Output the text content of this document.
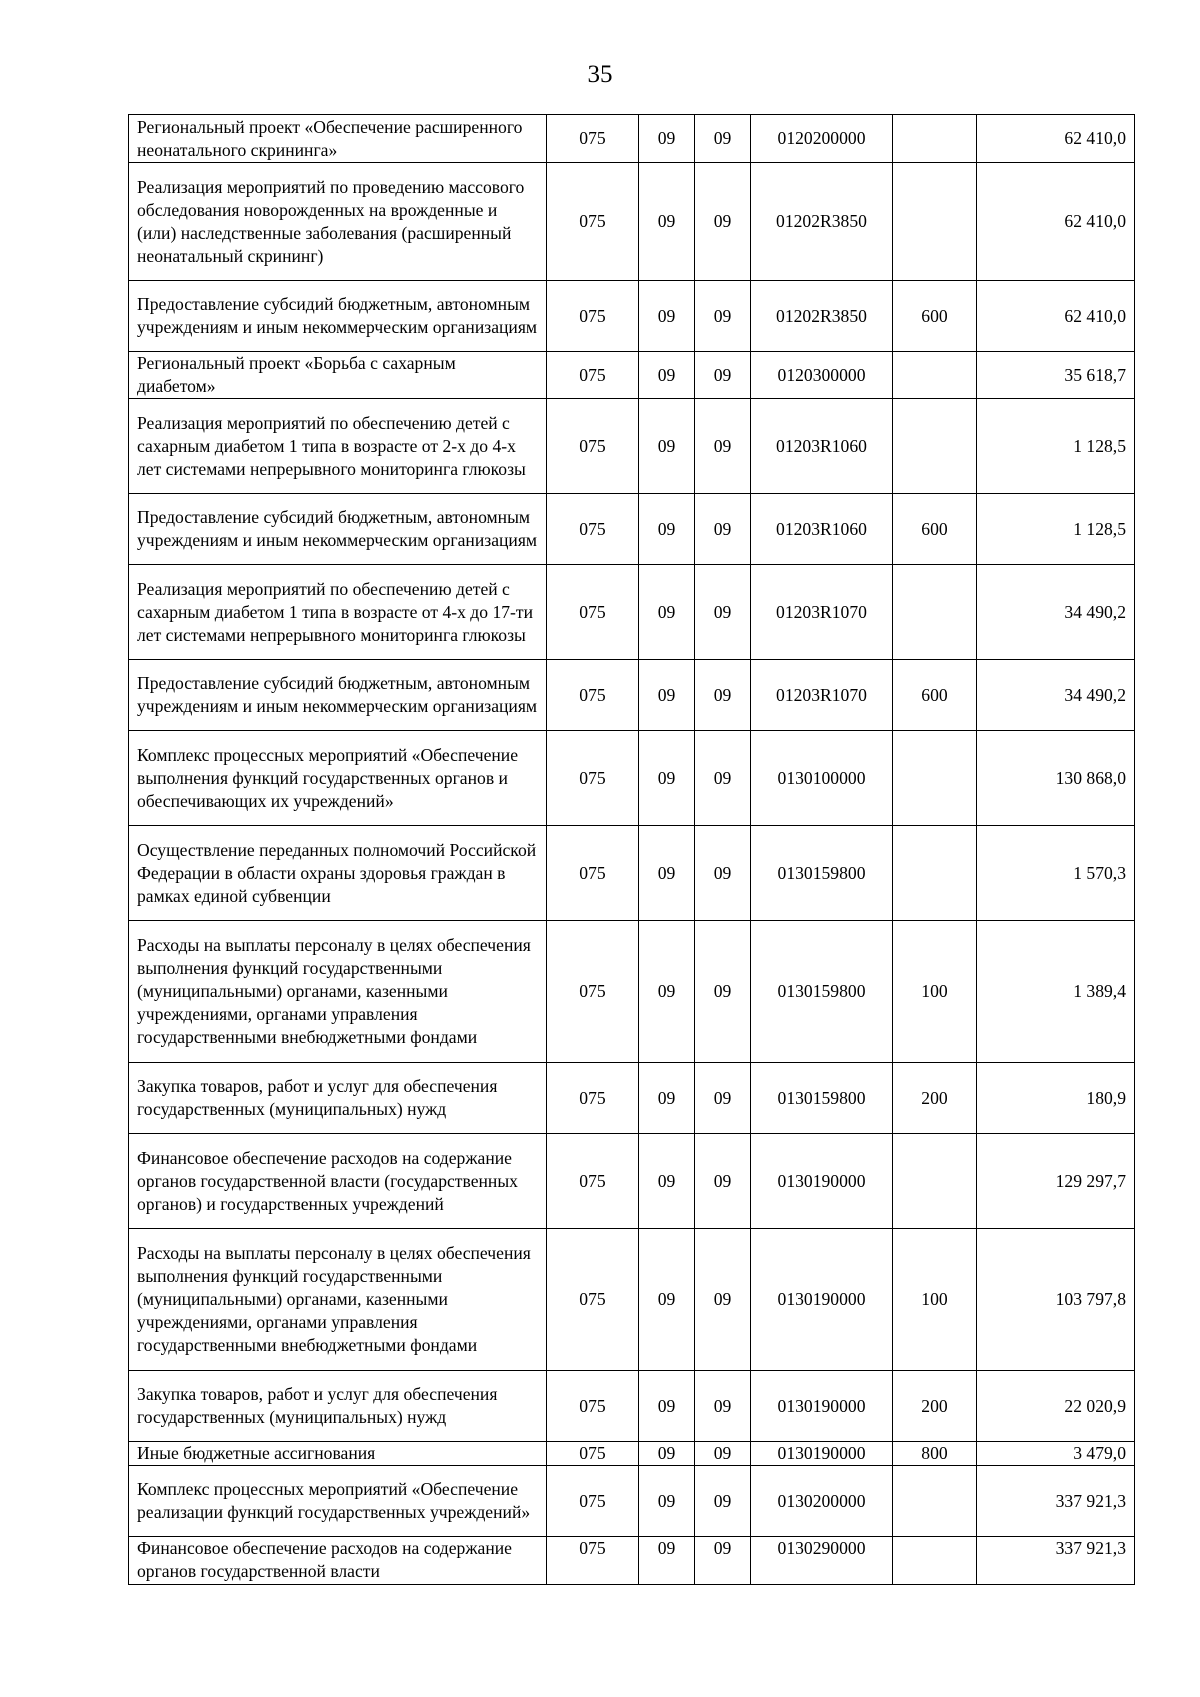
35
Региональный проект «Обеспечение расширенного неонатального скрининга»	075	09	09	0120200000		62 410,0
Реализация мероприятий по проведению массового обследования новорожденных на врожденные и (или) наследственные заболевания (расширенный неонатальный скрининг)	075	09	09	01202R3850		62 410,0
Предоставление субсидий бюджетным, автономным учреждениям и иным некоммерческим организациям	075	09	09	01202R3850	600	62 410,0
Региональный проект «Борьба с сахарным диабетом»	075	09	09	0120300000		35 618,7
Реализация мероприятий по обеспечению детей с сахарным диабетом 1 типа в возрасте от 2-х до 4-х лет системами непрерывного мониторинга глюкозы	075	09	09	01203R1060		1 128,5
Предоставление субсидий бюджетным, автономным учреждениям и иным некоммерческим организациям	075	09	09	01203R1060	600	1 128,5
Реализация мероприятий по обеспечению детей с сахарным диабетом 1 типа в возрасте от 4-х до 17-ти лет системами непрерывного мониторинга глюкозы	075	09	09	01203R1070		34 490,2
Предоставление субсидий бюджетным, автономным учреждениям и иным некоммерческим организациям	075	09	09	01203R1070	600	34 490,2
Комплекс процессных мероприятий «Обеспечение выполнения функций государственных органов и обеспечивающих их учреждений»	075	09	09	0130100000		130 868,0
Осуществление переданных полномочий Российской Федерации в области охраны здоровья граждан в рамках единой субвенции	075	09	09	0130159800		1 570,3
Расходы на выплаты персоналу в целях обеспечения выполнения функций государственными (муниципальными) органами, казенными учреждениями, органами управления государственными внебюджетными фондами	075	09	09	0130159800	100	1 389,4
Закупка товаров, работ и услуг для обеспечения государственных (муниципальных) нужд	075	09	09	0130159800	200	180,9
Финансовое обеспечение расходов на содержание органов государственной власти (государственных органов) и государственных учреждений	075	09	09	0130190000		129 297,7
Расходы на выплаты персоналу в целях обеспечения выполнения функций государственными (муниципальными) органами, казенными учреждениями, органами управления государственными внебюджетными фондами	075	09	09	0130190000	100	103 797,8
Закупка товаров, работ и услуг для обеспечения государственных (муниципальных) нужд	075	09	09	0130190000	200	22 020,9
Иные бюджетные ассигнования	075	09	09	0130190000	800	3 479,0
Комплекс процессных мероприятий «Обеспечение реализации функций государственных учреждений»	075	09	09	0130200000		337 921,3
Финансовое обеспечение расходов на содержание органов государственной власти	075	09	09	0130290000		337 921,3
